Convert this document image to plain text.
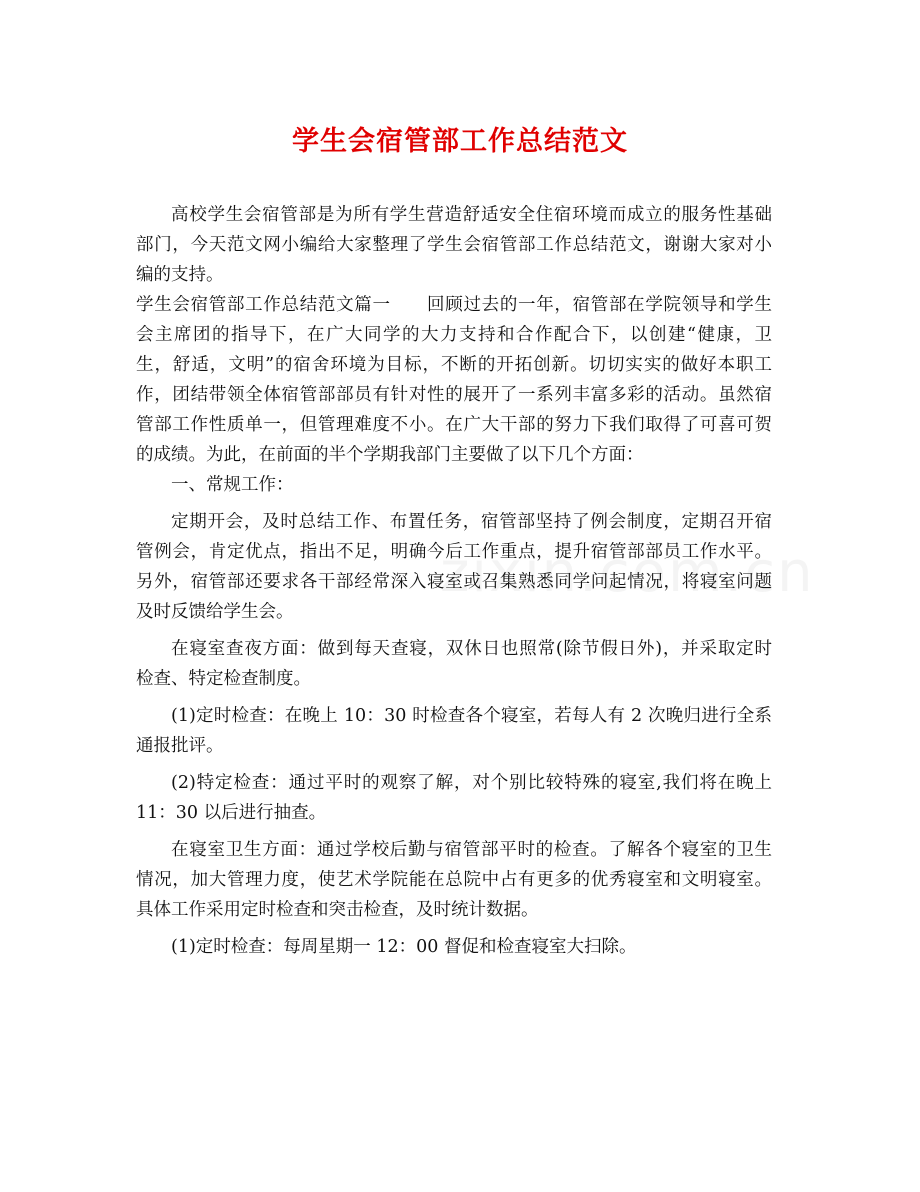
学生会宿管部工作总结范文

高校学生会宿管部是为所有学生营造舒适安全住宿环境而成立的服务性基础

部门，今天范文网小编给大家整理了学生会宿管部工作总结范文，谢谢大家对小

编的支持。

学生会宿管部工作总结范文篇一　　回顾过去的一年，宿管部在学院领导和学生

会主席团的指导下，在广大同学的大力支持和合作配合下，以创建“健康，卫

生，舒适，文明”的宿舍环境为目标，不断的开拓创新。切切实实的做好本职工

作，团结带领全体宿管部部员有针对性的展开了一系列丰富多彩的活动。虽然宿

管部工作性质单一，但管理难度不小。在广大干部的努力下我们取得了可喜可贺

的成绩。为此，在前面的半个学期我部门主要做了以下几个方面：

一、常规工作：

定期开会，及时总结工作、布置任务，宿管部坚持了例会制度，定期召开宿

管例会，肯定优点，指出不足，明确今后工作重点，提升宿管部部员工作水平。

另外，宿管部还要求各干部经常深入寝室或召集熟悉同学问起情况，将寝室问题

及时反馈给学生会。

在寝室查夜方面：做到每天查寝，双休日也照常(除节假日外)，并采取定时

检查、特定检查制度。

(1)定时检查：在晚上 10：30 时检查各个寝室，若每人有 2 次晚归进行全系

通报批评。

(2)特定检查：通过平时的观察了解，对个别比较特殊的寝室,我们将在晚上

11：30 以后进行抽查。

在寝室卫生方面：通过学校后勤与宿管部平时的检查。了解各个寝室的卫生

情况，加大管理力度，使艺术学院能在总院中占有更多的优秀寝室和文明寝室。

具体工作采用定时检查和突击检查，及时统计数据。

(1)定时检查：每周星期一 12：00 督促和检查寝室大扫除。
